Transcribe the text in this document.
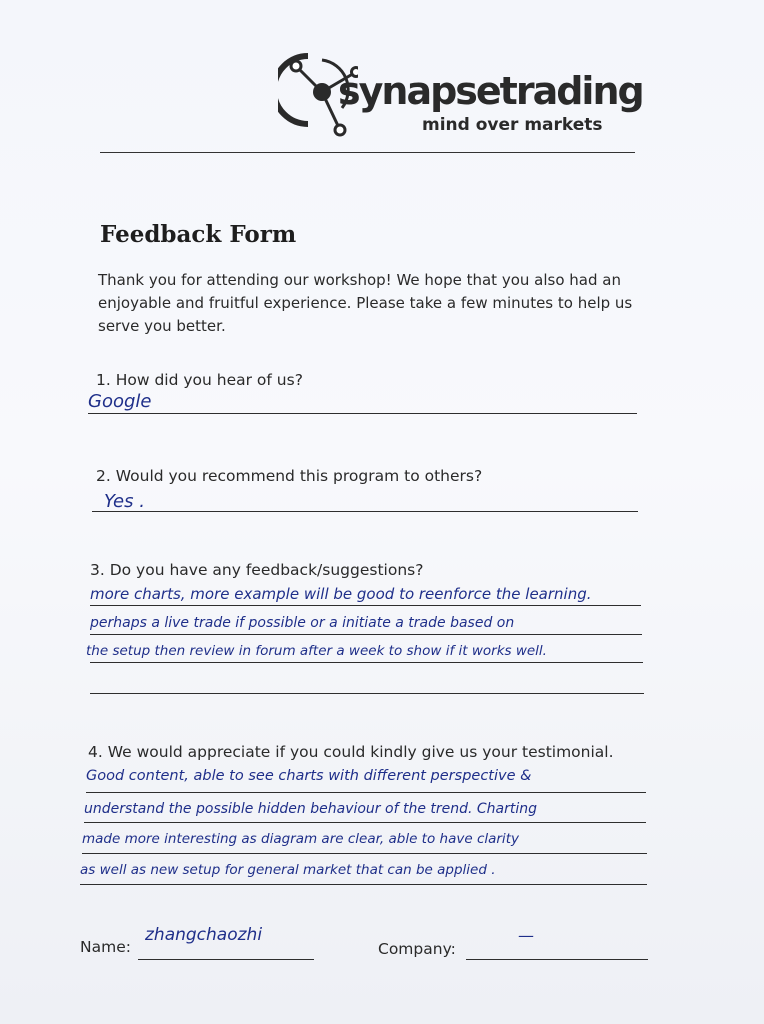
synapsetrading
mind over markets
Feedback Form

Thank you for attending our workshop! We hope that you also had an enjoyable and fruitful experience. Please take a few minutes to help us serve you better.

1. How did you hear of us?
Google
2. Would you recommend this program to others?
Yes .
3. Do you have any feedback/suggestions?
more charts, more example will be good to reenforce the learning.
perhaps a live trade if possible or a initiate a trade based on
the setup then review in forum after a week to show if it works well.
4. We would appreciate if you could kindly give us your testimonial.
Good content, able to see charts with different perspective &
understand the possible hidden behaviour of the trend. Charting
made more interesting as diagram are clear, able to have clarity
as well as new setup for general market that can be applied .
Name:
zhangchaozhi
Company:
—
